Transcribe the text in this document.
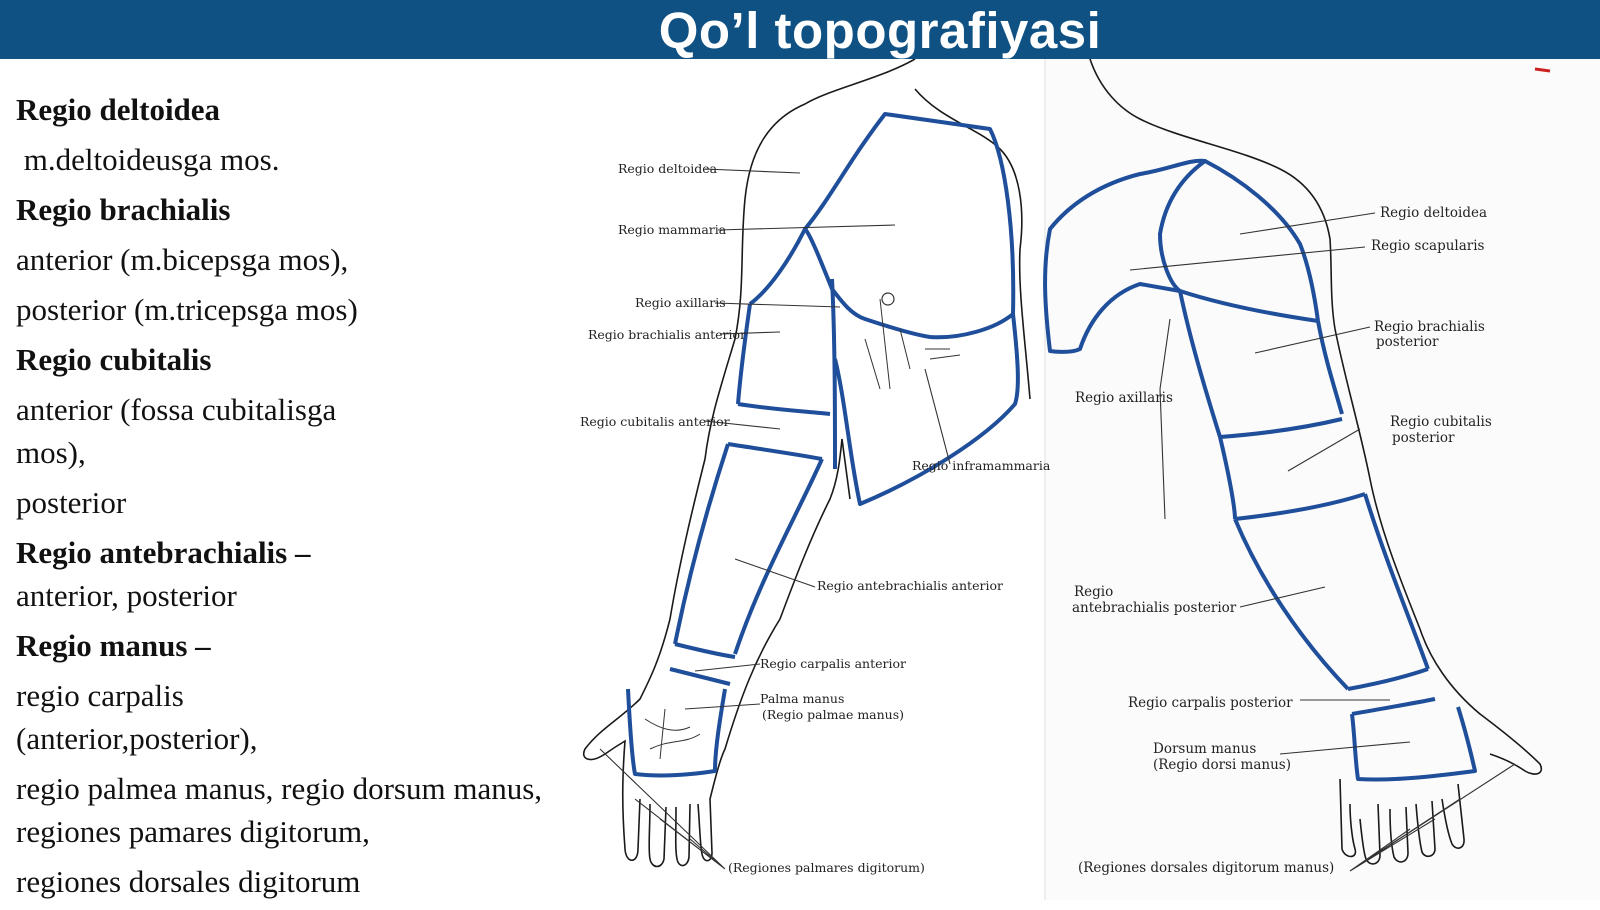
Qo’l topografiyasi

Regio deltoidea

m.deltoideusga mos.

Regio brachialis

anterior (m.bicepsga mos),

posterior (m.tricepsga mos)

Regio cubitalis

anterior (fossa cubitalisga mos),

posterior

Regio antebrachialis –

anterior, posterior

Regio manus –

regio carpalis (anterior,posterior),

regio palmea manus, regio dorsum manus, regiones pamares digitorum,

regiones dorsales digitorum

Regio deltoidea
Regio mammaria
Regio axillaris
Regio brachialis anterior
Regio cubitalis anterior
Regio inframammaria
Regio antebrachialis anterior
Regio carpalis anterior
Palma manus
(Regio palmae manus)
(Regiones palmares digitorum)
Regio deltoidea
Regio scapularis
Regio brachialis
posterior
Regio axillaris
Regio cubitalis
posterior
Regio
antebrachialis posterior
Regio carpalis posterior
Dorsum manus
(Regio dorsi manus)
(Regiones dorsales digitorum manus)
